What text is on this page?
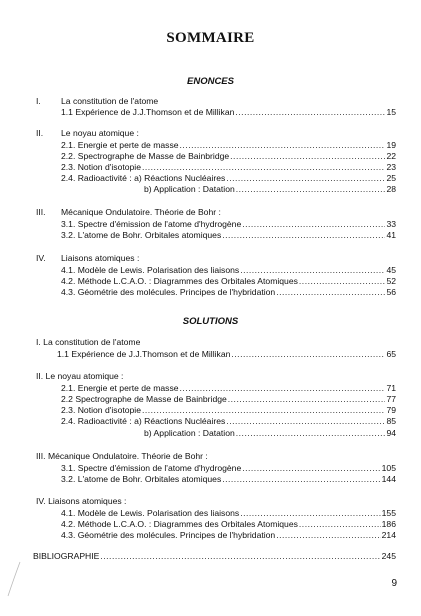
SOMMAIRE
ENONCES
I.	La constitution de l'atome
1.1 Expérience de J.J.Thomson et de Millikan .....	15
II.	Le noyau atomique :
2.1. Energie et perte de masse .....	19
2.2. Spectrographe de Masse de Bainbridge .....	22
2.3. Notion d'isotopie .....	23
2.4. Radioactivité : a) Réactions Nucléaires .....	25
b) Application : Datation .....	28
III.	Mécanique Ondulatoire. Théorie de Bohr :
3.1. Spectre d'émission de l'atome d'hydrogène .....	33
3.2. L'atome de Bohr. Orbitales atomiques .....	41
IV.	Liaisons atomiques :
4.1. Modèle de Lewis. Polarisation des liaisons .....	45
4.2. Méthode L.C.A.O. : Diagrammes des Orbitales Atomiques .....	52
4.3. Géométrie des molécules. Principes de l'hybridation .....	56
SOLUTIONS
I. La constitution de l'atome
1.1 Expérience de J.J.Thomson et de Millikan .....	65
II. Le noyau atomique :
2.1. Energie et perte de masse .....	71
2.2 Spectrographe de Masse de Bainbridge .....	77
2.3. Notion d'isotopie .....	79
2.4. Radioactivité : a) Réactions Nucléaires .....	85
b) Application : Datation .....	94
III. Mécanique Ondulatoire. Théorie de Bohr :
3.1. Spectre d'émission de l'atome d'hydrogène .....	105
3.2. L'atome de Bohr. Orbitales atomiques .....	144
IV. Liaisons atomiques :
4.1. Modèle de Lewis. Polarisation des liaisons .....	155
4.2. Méthode L.C.A.O. : Diagrammes des Orbitales Atomiques .....	186
4.3. Géométrie des molécules. Principes de l'hybridation .....	214
BIBLIOGRAPHIE .....	245
9
